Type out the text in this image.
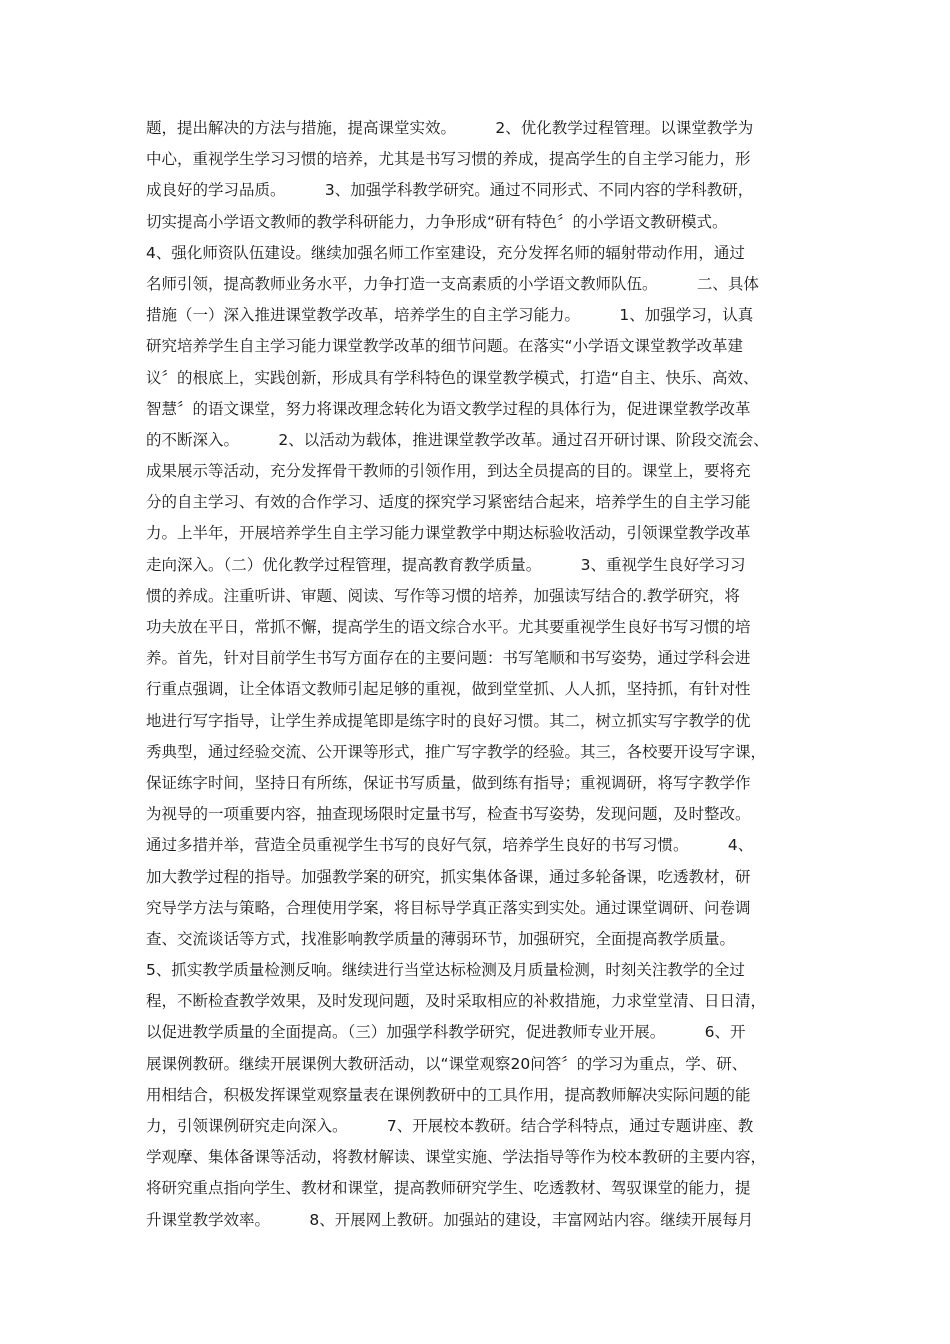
题，提出解决的方法与措施，提高课堂实效。        2、优化教学过程管理。以课堂教学为
中心，重视学生学习习惯的培养，尤其是书写习惯的养成，提高学生的自主学习能力，形
成良好的学习品质。        3、加强学科教学研究。通过不同形式、不同内容的学科教研，
切实提高小学语文教师的教学科研能力，力争形成“研有特色〞的小学语文教研模式。
4、强化师资队伍建设。继续加强名师工作室建设，充分发挥名师的辐射带动作用，通过
名师引领，提高教师业务水平，力争打造一支高素质的小学语文教师队伍。        二、具体
措施（一）深入推进课堂教学改革，培养学生的自主学习能力。        1、加强学习，认真
研究培养学生自主学习能力课堂教学改革的细节问题。在落实“小学语文课堂教学改革建
议〞的根底上，实践创新，形成具有学科特色的课堂教学模式，打造“自主、快乐、高效、
智慧〞的语文课堂，努力将课改理念转化为语文教学过程的具体行为，促进课堂教学改革
的不断深入。        2、以活动为载体，推进课堂教学改革。通过召开研讨课、阶段交流会、
成果展示等活动，充分发挥骨干教师的引领作用，到达全员提高的目的。课堂上，要将充
分的自主学习、有效的合作学习、适度的探究学习紧密结合起来，培养学生的自主学习能
力。上半年，开展培养学生自主学习能力课堂教学中期达标验收活动，引领课堂教学改革
走向深入。（二）优化教学过程管理，提高教育教学质量。        3、重视学生良好学习习
惯的养成。注重听讲、审题、阅读、写作等习惯的培养，加强读写结合的.教学研究，将
功夫放在平日，常抓不懈，提高学生的语文综合水平。尤其要重视学生良好书写习惯的培
养。首先，针对目前学生书写方面存在的主要问题：书写笔顺和书写姿势，通过学科会进
行重点强调，让全体语文教师引起足够的重视，做到堂堂抓、人人抓，坚持抓，有针对性
地进行写字指导，让学生养成提笔即是练字时的良好习惯。其二，树立抓实写字教学的优
秀典型，通过经验交流、公开课等形式，推广写字教学的经验。其三，各校要开设写字课，
保证练字时间，坚持日有所练，保证书写质量，做到练有指导；重视调研，将写字教学作
为视导的一项重要内容，抽查现场限时定量书写，检查书写姿势，发现问题，及时整改。
通过多措并举，营造全员重视学生书写的良好气氛，培养学生良好的书写习惯。        4、
加大教学过程的指导。加强教学案的研究，抓实集体备课，通过多轮备课，吃透教材，研
究导学方法与策略，合理使用学案，将目标导学真正落实到实处。通过课堂调研、问卷调
查、交流谈话等方式，找准影响教学质量的薄弱环节，加强研究，全面提高教学质量。
5、抓实教学质量检测反响。继续进行当堂达标检测及月质量检测，时刻关注教学的全过
程，不断检查教学效果，及时发现问题，及时采取相应的补救措施，力求堂堂清、日日清，
以促进教学质量的全面提高。（三）加强学科教学研究，促进教师专业开展。        6、开
展课例教研。继续开展课例大教研活动，以“课堂观察20问答〞的学习为重点，学、研、
用相结合，积极发挥课堂观察量表在课例教研中的工具作用，提高教师解决实际问题的能
力，引领课例研究走向深入。        7、开展校本教研。结合学科特点，通过专题讲座、教
学观摩、集体备课等活动，将教材解读、课堂实施、学法指导等作为校本教研的主要内容，
将研究重点指向学生、教材和课堂，提高教师研究学生、吃透教材、驾驭课堂的能力，提
升课堂教学效率。        8、开展网上教研。加强站的建设，丰富网站内容。继续开展每月
